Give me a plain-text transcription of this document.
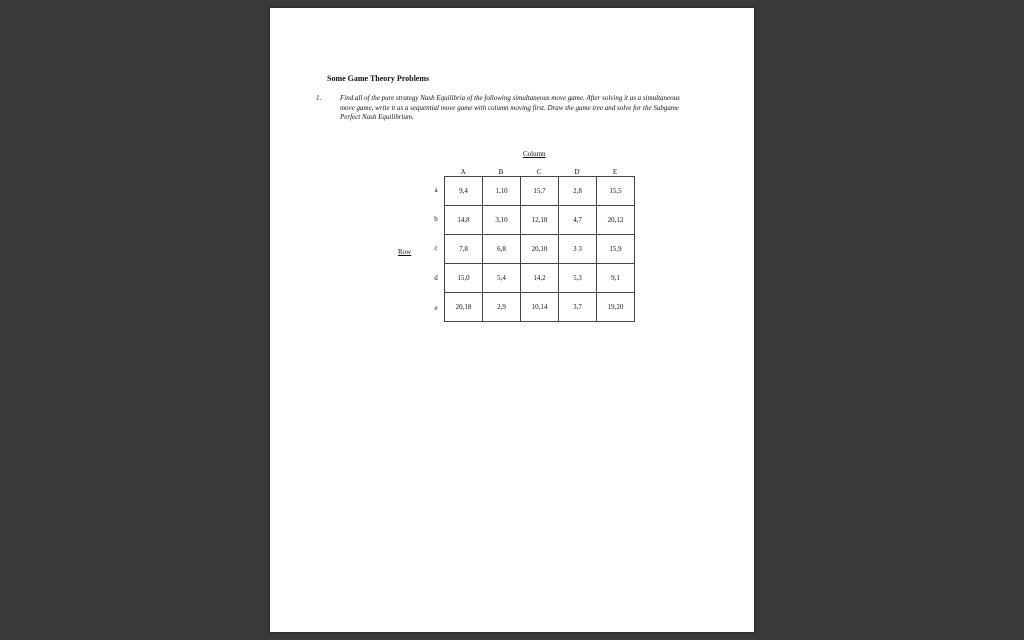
Some Game Theory Problems
1.	Find all of the pure strategy Nash Equilibria of the following simultaneous move game. After solving it as a simultaneous move game, write it as a sequential move game with column moving first. Draw the game tree and solve for the Subgame Perfect Nash Equilibrium.
Column
Row
A	B	C	D	E
a
b
c
d
e
9,4	1,10	15,7	2,8	15,5
14,8	3,10	12,18	4,7	20,12
7,8	6,8	20,10	3 3	15,9
15,0	5,4	14,2	5,3	9,1
20,18	2,9	10,14	3,7	19,20
